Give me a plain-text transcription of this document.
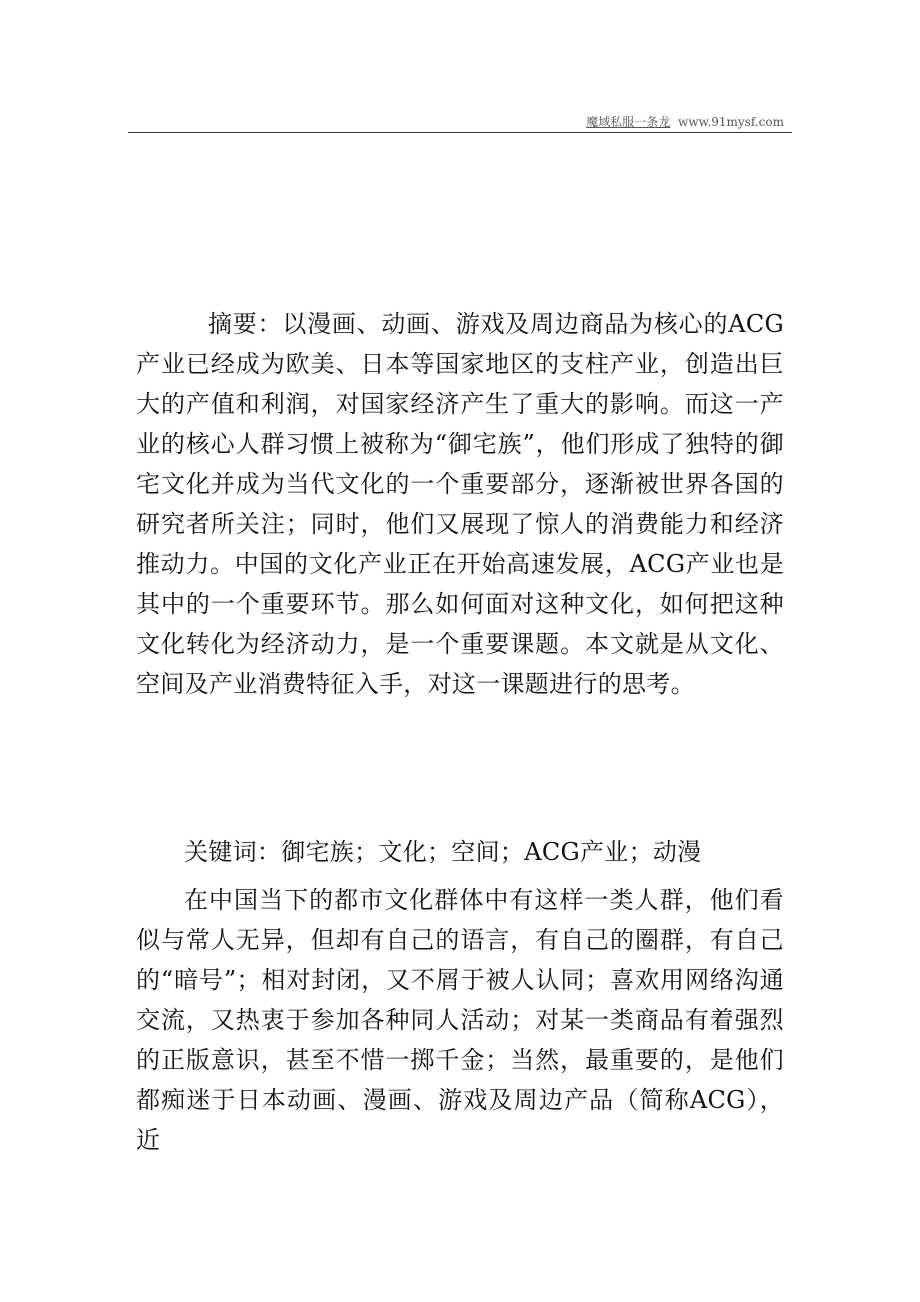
魔域私服一条龙 www.91mysf.com

摘要：以漫画、动画、游戏及周边商品为核心的ACG产业已经成为欧美、日本等国家地区的支柱产业，创造出巨大的产值和利润，对国家经济产生了重大的影响。而这一产业的核心人群习惯上被称为“御宅族”，他们形成了独特的御宅文化并成为当代文化的一个重要部分，逐渐被世界各国的研究者所关注；同时，他们又展现了惊人的消费能力和经济推动力。中国的文化产业正在开始高速发展，ACG产业也是其中的一个重要环节。那么如何面对这种文化，如何把这种文化转化为经济动力，是一个重要课题。本文就是从文化、空间及产业消费特征入手，对这一课题进行的思考。

关键词：御宅族；文化；空间；ACG产业；动漫

在中国当下的都市文化群体中有这样一类人群，他们看似与常人无异，但却有自己的语言，有自己的圈群，有自己的“暗号”；相对封闭，又不屑于被人认同；喜欢用网络沟通交流，又热衷于参加各种同人活动；对某一类商品有着强烈的正版意识，甚至不惜一掷千金；当然，最重要的，是他们都痴迷于日本动画、漫画、游戏及周边产品（简称ACG），近
